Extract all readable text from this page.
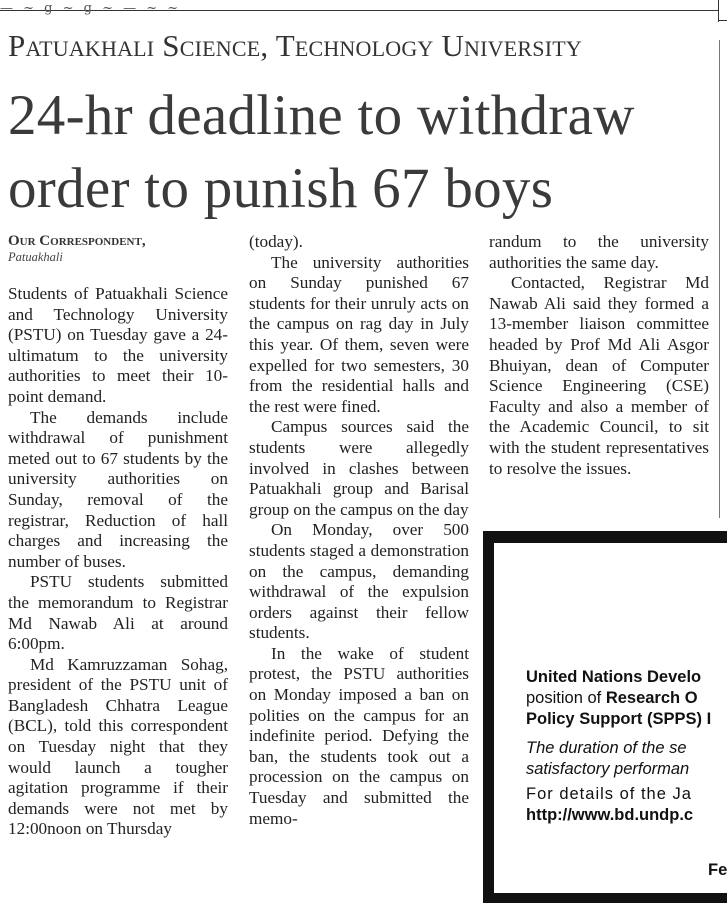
— ~ g ~ g ~ — ~ ~
Patuakhali Science, Technology University
24-hr deadline to withdraw
order to punish 67 boys
Our Correspondent,
Patuakhali

Students of Patuakhali Science and Technology University (PSTU) on Tuesday gave a 24-ultimatum to the university authorities to meet their 10-point demand.

The demands include withdrawal of punishment meted out to 67 students by the university authorities on Sunday, removal of the registrar, Reduction of hall charges and increasing the number of buses.

PSTU students submitted the memorandum to Registrar Md Nawab Ali at around 6:00pm.

Md Kamruzzaman Sohag, president of the PSTU unit of Bangladesh Chhatra League (BCL), told this correspondent on Tuesday night that they would launch a tougher agitation programme if their demands were not met by 12:00noon on Thursday

(today).

The university authorities on Sunday punished 67 students for their unruly acts on the campus on rag day in July this year. Of them, seven were expelled for two semesters, 30 from the residential halls and the rest were fined.

Campus sources said the students were allegedly involved in clashes between Patuakhali group and Barisal group on the campus on the day

On Monday, over 500 students staged a demonstration on the campus, demanding withdrawal of the expulsion orders against their fellow students.

In the wake of student protest, the PSTU authorities on Monday imposed a ban on polities on the campus for an indefinite period. Defying the ban, the students took out a procession on the campus on Tuesday and submitted the memo-

randum to the university authorities the same day.

Contacted, Registrar Md Nawab Ali said they formed a 13-member liaison committee headed by Prof Md Ali Asgor Bhuiyan, dean of Computer Science Engineering (CSE) Faculty and also a member of the Academic Council, to sit with the student representatives to resolve the issues.

United Nations Develo
position of Research O
Policy Support (SPPS) I
The duration of the se
satisfactory performan
For details of the Ja
http://www.bd.undp.c
Fe
